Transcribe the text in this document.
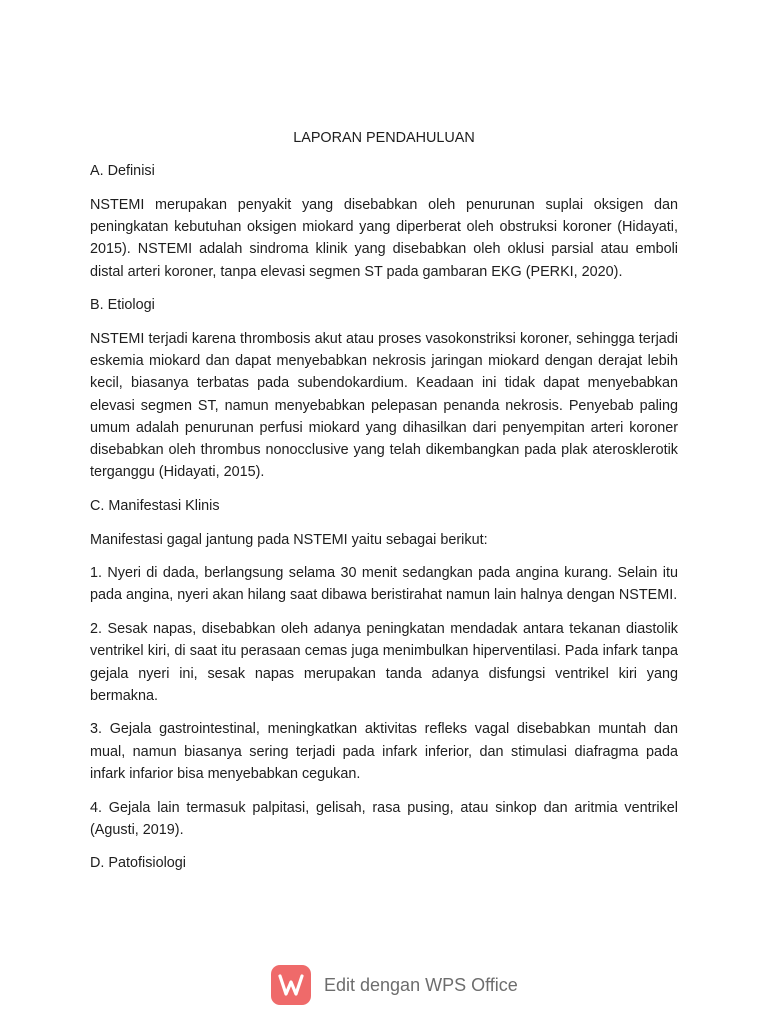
LAPORAN PENDAHULUAN
A. Definisi

NSTEMI merupakan penyakit yang disebabkan oleh penurunan suplai oksigen dan peningkatan kebutuhan oksigen miokard yang diperberat oleh obstruksi koroner (Hidayati, 2015). NSTEMI adalah sindroma klinik yang disebabkan oleh oklusi parsial atau emboli distal arteri koroner, tanpa elevasi segmen ST pada gambaran EKG (PERKI, 2020).

B. Etiologi

NSTEMI terjadi karena thrombosis akut atau proses vasokonstriksi koroner, sehingga terjadi eskemia miokard dan dapat menyebabkan nekrosis jaringan miokard dengan derajat lebih kecil, biasanya terbatas pada subendokardium. Keadaan ini tidak dapat menyebabkan elevasi segmen ST, namun menyebabkan pelepasan penanda nekrosis. Penyebab paling umum adalah penurunan perfusi miokard yang dihasilkan dari penyempitan arteri koroner disebabkan oleh thrombus nonocclusive yang telah dikembangkan pada plak aterosklerotik terganggu (Hidayati, 2015).

C. Manifestasi Klinis

Manifestasi gagal jantung pada NSTEMI yaitu sebagai berikut:

1. Nyeri di dada, berlangsung selama 30 menit sedangkan pada angina kurang. Selain itu pada angina, nyeri akan hilang saat dibawa beristirahat namun lain halnya dengan NSTEMI.

2. Sesak napas, disebabkan oleh adanya peningkatan mendadak antara tekanan diastolik ventrikel kiri, di saat itu perasaan cemas juga menimbulkan hiperventilasi. Pada infark tanpa gejala nyeri ini, sesak napas merupakan tanda adanya disfungsi ventrikel kiri yang bermakna.

3. Gejala gastrointestinal, meningkatkan aktivitas refleks vagal disebabkan muntah dan mual, namun biasanya sering terjadi pada infark inferior, dan stimulasi diafragma pada infark infarior bisa menyebabkan cegukan.

4. Gejala lain termasuk palpitasi, gelisah, rasa pusing, atau sinkop dan aritmia ventrikel (Agusti, 2019).

D. Patofisiologi
Edit dengan WPS Office
